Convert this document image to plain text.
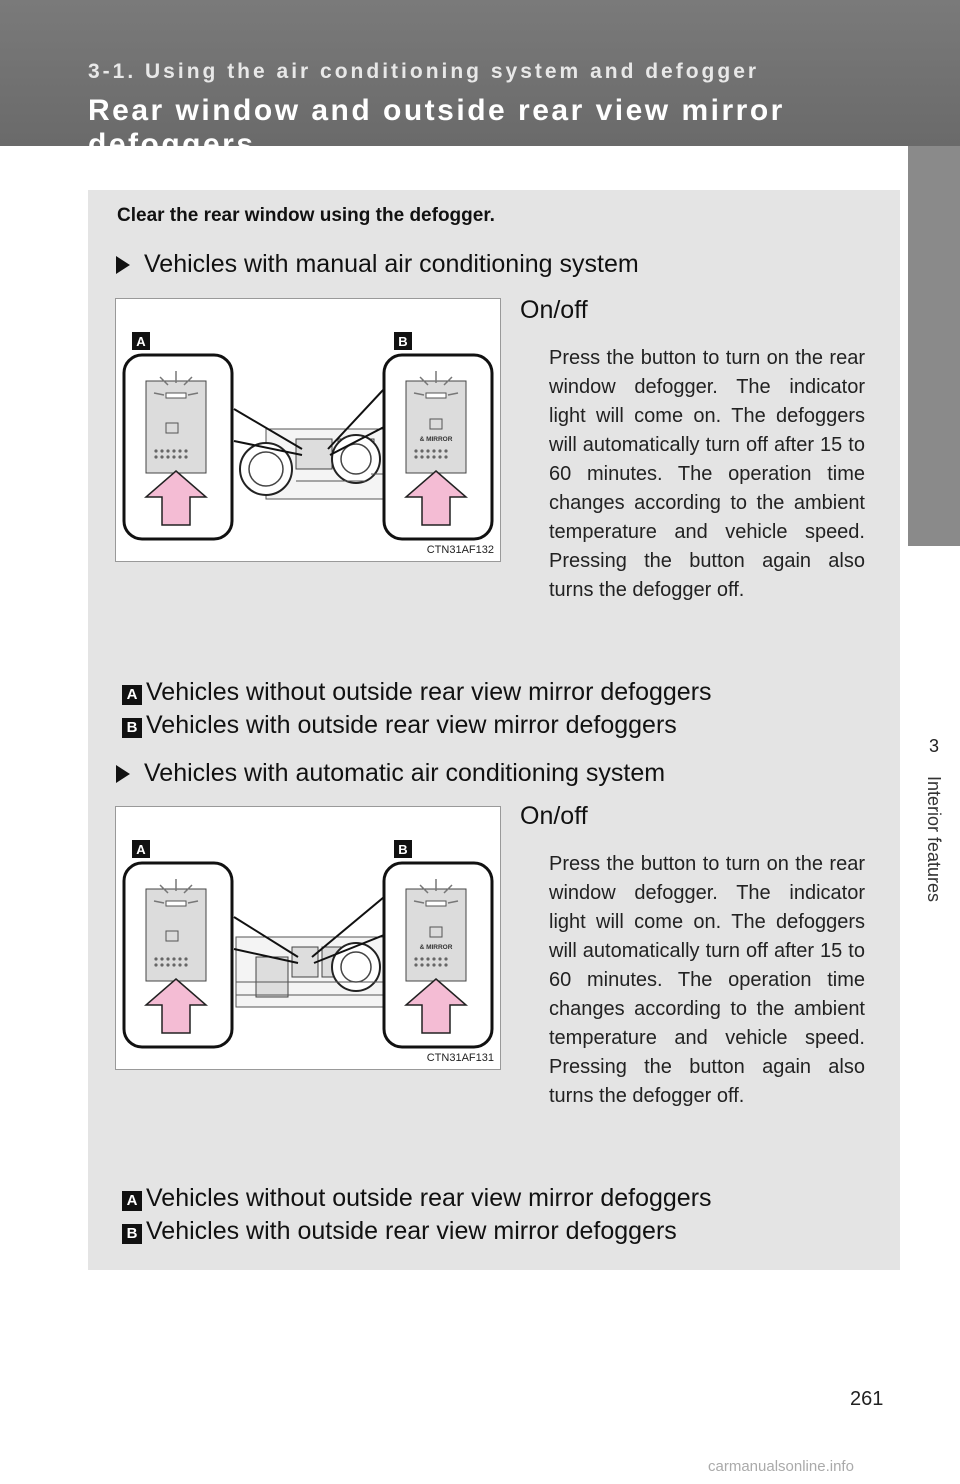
3-1. Using the air conditioning system and defogger
Rear window and outside rear view mirror defoggers
3
Interior features
Clear the rear window using the defogger.
Vehicles with manual air conditioning system
& MIRROR
A	B
CTN31AF132
On/off
Press the button to turn on the rear window defogger. The indicator light will come on. The defoggers will automatically turn off after 15 to 60 minutes. The operation time changes according to the ambient temperature and vehicle speed. Pressing the button again also turns the defogger off.
A Vehicles without outside rear view mirror defoggers
B Vehicles with outside rear view mirror defoggers
Vehicles with automatic air conditioning system
& MIRROR
A	B
CTN31AF131
On/off
Press the button to turn on the rear window defogger. The indicator light will come on. The defoggers will automatically turn off after 15 to 60 minutes. The operation time changes according to the ambient temperature and vehicle speed. Pressing the button again also turns the defogger off.
A Vehicles without outside rear view mirror defoggers
B Vehicles with outside rear view mirror defoggers
261
carmanualsonline.info
